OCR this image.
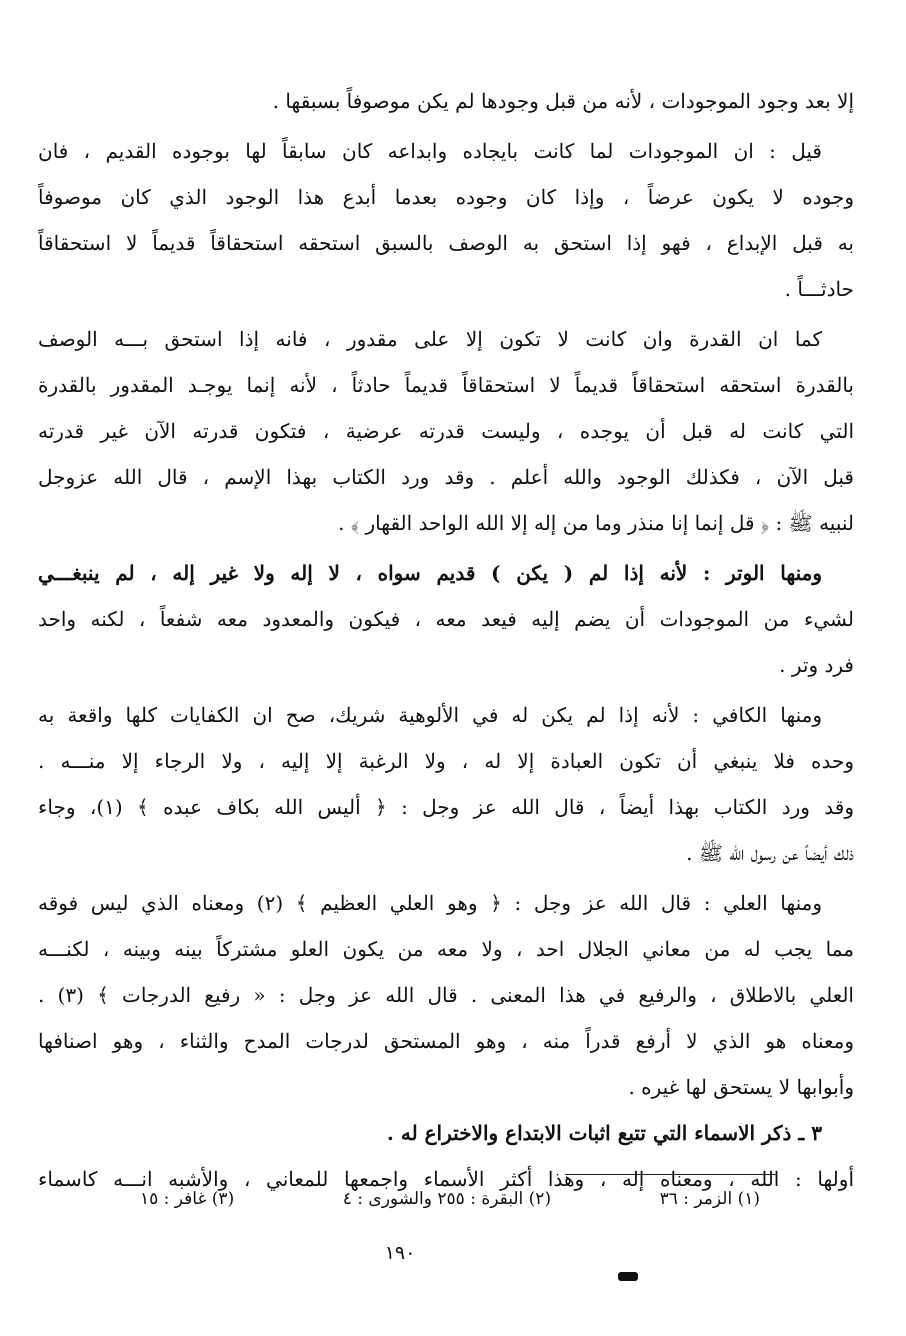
إلا بعد وجود الموجودات ، لأنه من قبل وجودها لم يكن موصوفاً بسبقها .
قيل : ان الموجودات لما كانت بايجاده وابداعه كان سابقاً لها بوجوده القديم ، فان
وجوده لا يكون عرضاً ، وإذا كان وجوده بعدما أبدع هذا الوجود الذي كان موصوفاً
به قبل الإبداع ، فهو إذا استحق به الوصف بالسبق استحقه استحقاقاً قديماً لا استحقاقاً
حادثـــاً .
كما ان القدرة وان كانت لا تكون إلا على مقدور ، فانه إذا استحق بـــه الوصف
بالقدرة استحقه استحقاقاً قديماً لا استحقاقاً قديماً حادثاً ، لأنه إنما يوجـد المقدور بالقدرة
التي كانت له قبل أن يوجده ، وليست قدرته عرضية ، فتكون قدرته الآن غير قدرته
قبل الآن ، فكذلك الوجود والله أعلم . وقد ورد الكتاب بهذا الإسم ، قال الله عزوجل
لنبيه ﷺ : ﴿ قل إنما إنا منذر وما من إله إلا الله الواحد القهار ﴾ .
ومنها الوتر : لأنه إذا لم ( يكن ) قديم سواه ، لا إله ولا غير إله ، لم ينبغـــي
لشيء من الموجودات أن يضم إليه فيعد معه ، فيكون والمعدود معه شفعاً ، لكنه واحد
فرد وتر .
ومنها الكافي : لأنه إذا لم يكن له في الألوهية شريك، صح ان الكفايات كلها واقعة به
وحده فلا ينبغي أن تكون العبادة إلا له ، ولا الرغبة إلا إليه ، ولا الرجاء إلا منـــه .
وقد ورد الكتاب بهذا أيضاً ، قال الله عز وجل : ﴿ أليس الله بكاف عبده ﴾ (١)، وجاء
ذلك أيضاً عن رسول الله ﷺ .
ومنها العلي : قال الله عز وجل : ﴿ وهو العلي العظيم ﴾ (٢) ومعناه الذي ليس فوقه
مما يجب له من معاني الجلال احد ، ولا معه من يكون العلو مشتركاً بينه وبينه ، لكنـــه
العلي بالاطلاق ، والرفيع في هذا المعنى . قال الله عز وجل : « رفيع الدرجات ﴾ (٣) .
ومعناه هو الذي لا أرفع قدراً منه ، وهو المستحق لدرجات المدح والثناء ، وهو اصنافها
وأبوابها لا يستحق لها غيره .
٣ ـ ذكر الاسماء التي تتبع اثبات الابتداع والاختراع له .
أولها : الله ، ومعناه إله ، وهذا أكثر الأسماء واجمعها للمعاني ، والأشبه انـــه كاسماء
(١) الزمر : ٣٦
(٢) البقرة : ٢٥٥ والشورى : ٤
(٣) غافر : ١٥
١٩٠
